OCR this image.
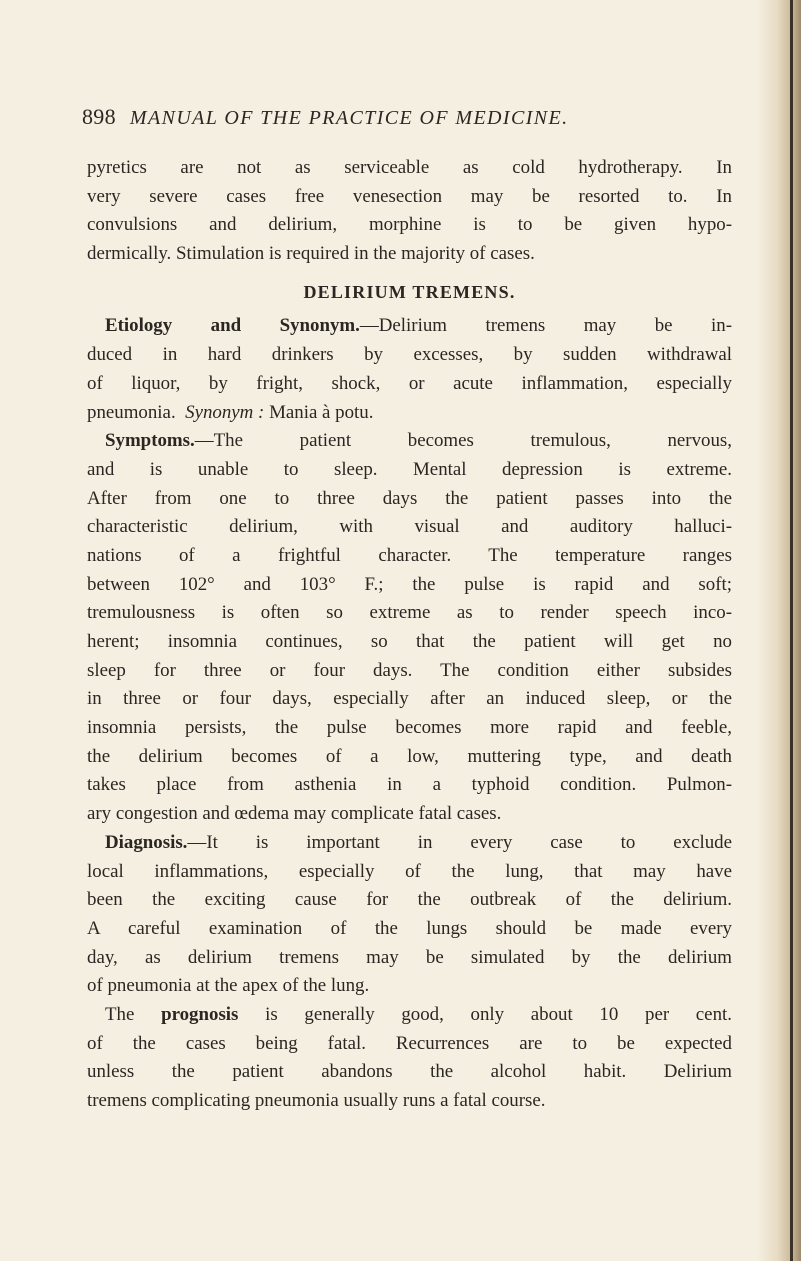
898 MANUAL OF THE PRACTICE OF MEDICINE.
pyretics are not as serviceable as cold hydrotherapy. In
very severe cases free venesection may be resorted to. In
convulsions and delirium, morphine is to be given hypo-
dermically. Stimulation is required in the majority of cases.
DELIRIUM TREMENS.
Etiology and Synonym.—Delirium tremens may be in-
duced in hard drinkers by excesses, by sudden withdrawal
of liquor, by fright, shock, or acute inflammation, especially
pneumonia. Synonym : Mania à potu.
Symptoms.—The patient becomes tremulous, nervous,
and is unable to sleep. Mental depression is extreme.
After from one to three days the patient passes into the
characteristic delirium, with visual and auditory halluci-
nations of a frightful character. The temperature ranges
between 102° and 103° F.; the pulse is rapid and soft;
tremulousness is often so extreme as to render speech inco-
herent; insomnia continues, so that the patient will get no
sleep for three or four days. The condition either subsides
in three or four days, especially after an induced sleep, or the
insomnia persists, the pulse becomes more rapid and feeble,
the delirium becomes of a low, muttering type, and death
takes place from asthenia in a typhoid condition. Pulmon-
ary congestion and œdema may complicate fatal cases.
Diagnosis.—It is important in every case to exclude
local inflammations, especially of the lung, that may have
been the exciting cause for the outbreak of the delirium.
A careful examination of the lungs should be made every
day, as delirium tremens may be simulated by the delirium
of pneumonia at the apex of the lung.
The prognosis is generally good, only about 10 per cent.
of the cases being fatal. Recurrences are to be expected
unless the patient abandons the alcohol habit. Delirium
tremens complicating pneumonia usually runs a fatal course.
